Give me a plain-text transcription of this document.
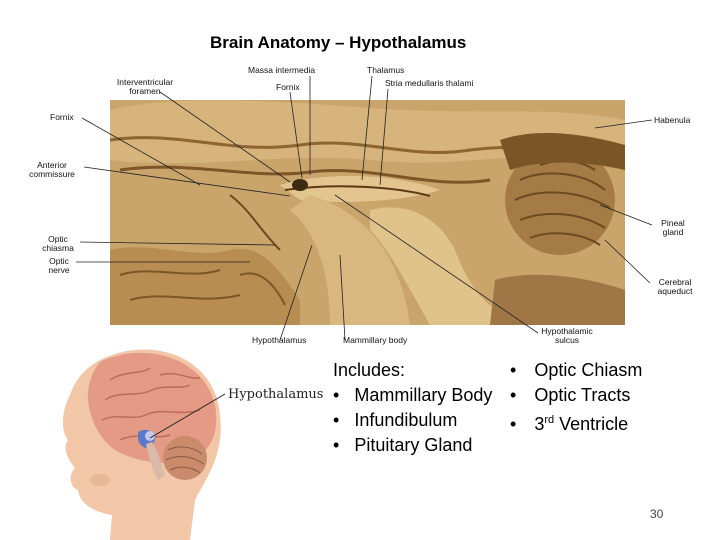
Brain Anatomy – Hypothalamus
Massa intermedia	Thalamus
Interventricular foramen	Fornix	Stria medullaris thalami
Fornix	Habenula
Anterior commissure
Pineal gland
Optic chiasma
Optic nerve
Cerebral aqueduct
Hypothalamus	Mammillary body
Hypothalamic sulcus
Hypothalamus
Includes:
• Mammillary Body
• Infundibulum
• Pituitary Gland
• Optic Chiasm
• Optic Tracts
• 3rd Ventricle
30
